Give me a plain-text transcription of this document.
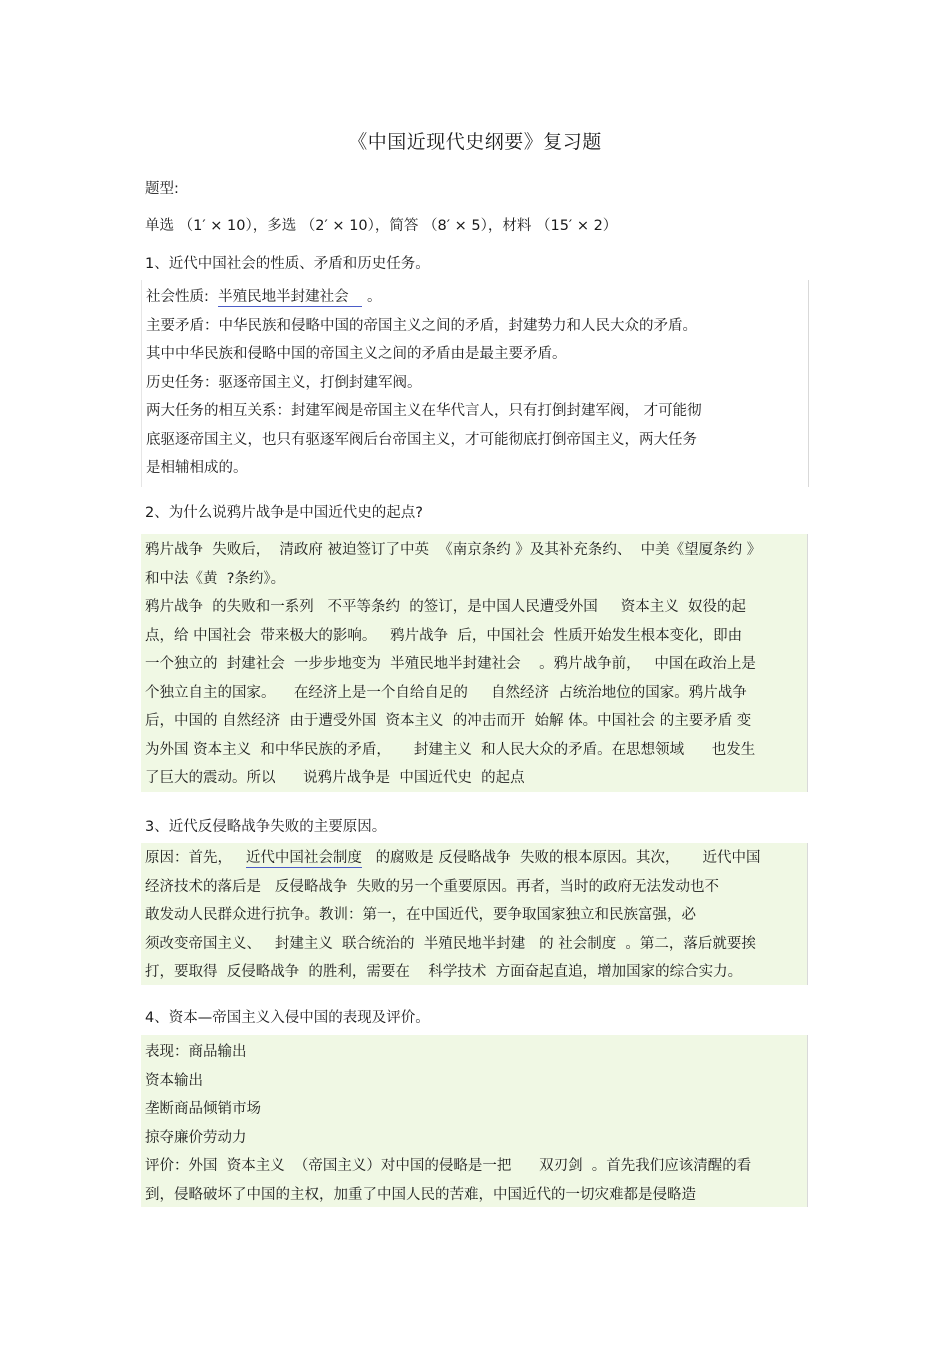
《中国近现代史纲要》复习题
题型:
单选 （1′ × 10），多选 （2′ × 10），简答 （8′ × 5），材料 （15′ × 2）
1、近代中国社会的性质、矛盾和历史任务。
社会性质:  半殖民地半封建社会    。
主要矛盾：中华民族和侵略中国的帝国主义之间的矛盾，封建势力和人民大众的矛盾。
其中中华民族和侵略中国的帝国主义之间的矛盾由是最主要矛盾。
历史任务：驱逐帝国主义，打倒封建军阀。
两大任务的相互关系：封建军阀是帝国主义在华代言人，只有打倒封建军阀， 才可能彻
底驱逐帝国主义，也只有驱逐军阀后台帝国主义，才可能彻底打倒帝国主义，两大任务
是相辅相成的。
2、为什么说鸦片战争是中国近代史的起点?
鸦片战争  失败后，  清政府 被迫签订了中英  《南京条约 》及其补充条约、  中美《望厦条约 》
和中法《黄  ?条约》。
鸦片战争  的失败和一系列   不平等条约  的签订，是中国人民遭受外国     资本主义  奴役的起
点，给 中国社会  带来极大的影响。   鸦片战争  后，中国社会  性质开始发生根本变化，即由
一个独立的  封建社会  一步步地变为  半殖民地半封建社会    。鸦片战争前，   中国在政治上是
个独立自主的国家。    在经济上是一个自给自足的     自然经济  占统治地位的国家。鸦片战争
后，中国的 自然经济  由于遭受外国  资本主义  的冲击而开  始解 体。中国社会 的主要矛盾 变
为外国 资本主义  和中华民族的矛盾，     封建主义  和人民大众的矛盾。在思想领域      也发生
了巨大的震动。所以      说鸦片战争是  中国近代史  的起点
3、近代反侵略战争失败的主要原因。
原因：首先，   近代中国社会制度   的腐败是 反侵略战争  失败的根本原因。其次，     近代中国
经济技术的落后是   反侵略战争  失败的另一个重要原因。再者，当时的政府无法发动也不
敢发动人民群众进行抗争。教训：第一，在中国近代，要争取国家独立和民族富强，必
须改变帝国主义、   封建主义  联合统治的  半殖民地半封建   的 社会制度  。第二，落后就要挨
打，要取得  反侵略战争  的胜利，需要在    科学技术  方面奋起直追，增加国家的综合实力。
4、资本—帝国主义入侵中国的表现及评价。
表现：商品输出
资本输出
垄断商品倾销市场
掠夺廉价劳动力
评价：外国  资本主义  （帝国主义）对中国的侵略是一把      双刃剑  。首先我们应该清醒的看
到，侵略破坏了中国的主权，加重了中国人民的苦难，中国近代的一切灾难都是侵略造
